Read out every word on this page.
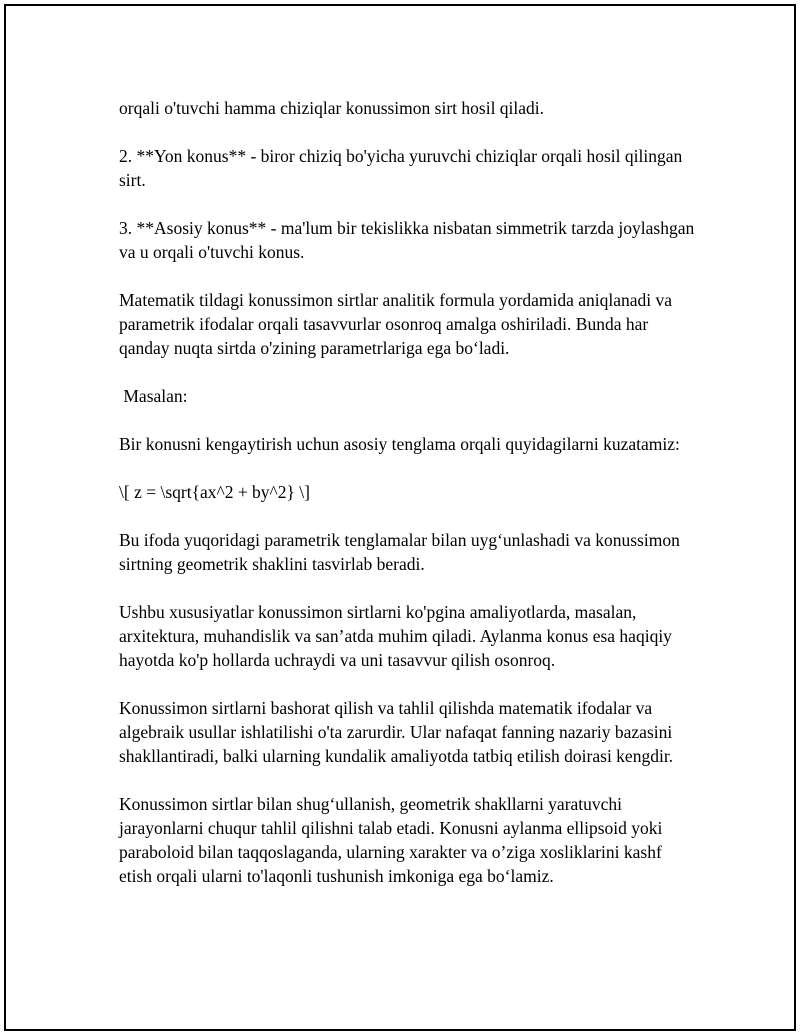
orqali o'tuvchi hamma chiziqlar konussimon sirt hosil qiladi.

2. **Yon konus** - biror chiziq bo'yicha yuruvchi chiziqlar orqali hosil qilingan sirt.

3. **Asosiy konus** - ma'lum bir tekislikka nisbatan simmetrik tarzda joylashgan va u orqali o'tuvchi konus.

Matematik tildagi konussimon sirtlar analitik formula yordamida aniqlanadi va parametrik ifodalar orqali tasavvurlar osonroq amalga oshiriladi. Bunda har qanday nuqta sirtda o'zining parametrlariga ega bo‘ladi.

Masalan:

Bir konusni kengaytirish uchun asosiy tenglama orqali quyidagilarni kuzatamiz:

\[ z = \sqrt{ax^2 + by^2} \]

Bu ifoda yuqoridagi parametrik tenglamalar bilan uyg‘unlashadi va konussimon sirtning geometrik shaklini tasvirlab beradi.

Ushbu xususiyatlar konussimon sirtlarni ko'pgina amaliyotlarda, masalan, arxitektura, muhandislik va san’atda muhim qiladi. Aylanma konus esa haqiqiy hayotda ko'p hollarda uchraydi va uni tasavvur qilish osonroq.

Konussimon sirtlarni bashorat qilish va tahlil qilishda matematik ifodalar va algebraik usullar ishlatilishi o'ta zarurdir. Ular nafaqat fanning nazariy bazasini shakllantiradi, balki ularning kundalik amaliyotda tatbiq etilish doirasi kengdir.

Konussimon sirtlar bilan shug‘ullanish, geometrik shakllarni yaratuvchi jarayonlarni chuqur tahlil qilishni talab etadi. Konusni aylanma ellipsoid yoki paraboloid bilan taqqoslaganda, ularning xarakter va o’ziga xosliklarini kashf etish orqali ularni to'laqonli tushunish imkoniga ega bo‘lamiz.
